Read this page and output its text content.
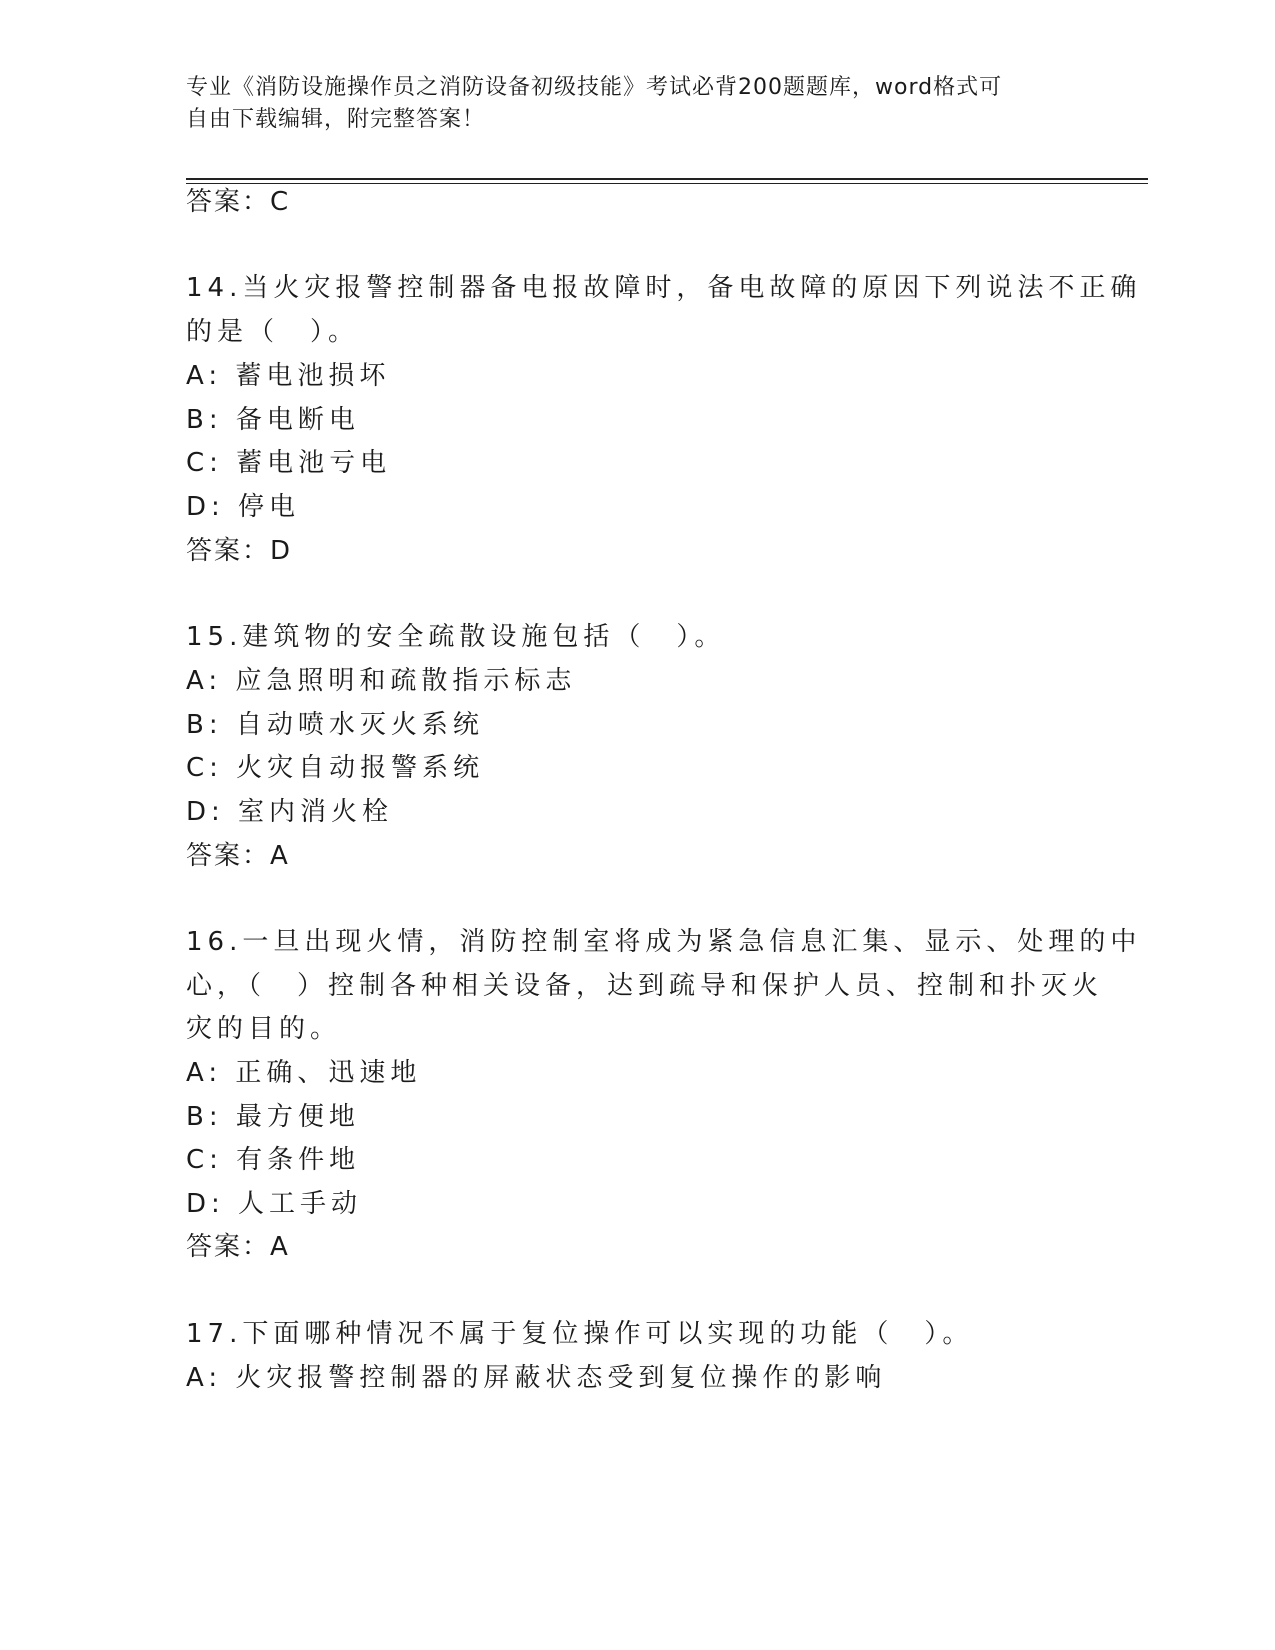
专业《消防设施操作员之消防设备初级技能》考试必背200题题库，word格式可
自由下载编辑，附完整答案！
答案：C
14.当火灾报警控制器备电报故障时，备电故障的原因下列说法不正确
的是（　）。
A: 蓄电池损坏
B: 备电断电
C: 蓄电池亏电
D: 停电
答案：D
15.建筑物的安全疏散设施包括（　）。
A: 应急照明和疏散指示标志
B: 自动喷水灭火系统
C: 火灾自动报警系统
D: 室内消火栓
答案：A
16.一旦出现火情，消防控制室将成为紧急信息汇集、显示、处理的中
心，（　）控制各种相关设备，达到疏导和保护人员、控制和扑灭火
灾的目的。
A: 正确、迅速地
B: 最方便地
C: 有条件地
D: 人工手动
答案：A
17.下面哪种情况不属于复位操作可以实现的功能（　）。
A: 火灾报警控制器的屏蔽状态受到复位操作的影响
